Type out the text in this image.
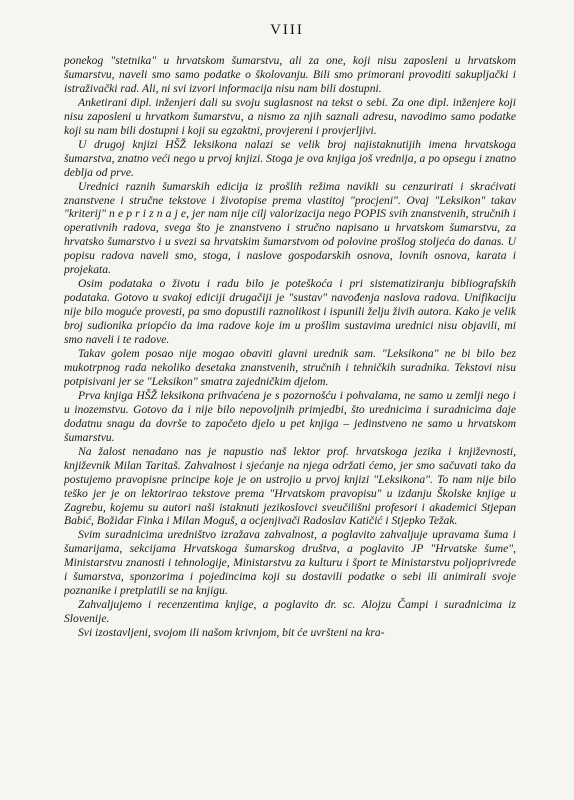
VIII

ponekog "stetnika" u hrvatskom šumarstvu, ali za one, koji nisu zaposleni u hrvatskom šumarstvu, naveli smo samo podatke o školovanju. Bili smo primorani provoditi sakupljački i istraživački rad. Ali, ni svi izvori informacija nisu nam bili dostupni.

Anketirani dipl. inženjeri dali su svoju suglasnost na tekst o sebi. Za one dipl. inženjere koji nisu zaposleni u hrvatkom šumarstvu, a nismo za njih saznali adresu, navodimo samo podatke koji su nam bili dostupni i koji su egzaktni, provjereni i provjerljivi.

U drugoj knjizi HŠŽ leksikona nalazi se velik broj najistaknutijih imena hrvatskoga šumarstva, znatno veći nego u prvoj knjizi. Stoga je ova knjiga još vrednija, a po opsegu i znatno deblja od prve.

Urednici raznih šumarskih edicija iz prošlih režima navikli su cenzurirati i skraćivati znanstvene i stručne tekstove i životopise prema vlastitoj "procjeni". Ovaj "Leksikon" takav "kriterij" n e p r i z n a j e, jer nam nije cilj valorizacija nego POPIS svih znanstvenih, stručnih i operativnih radova, svega što je znanstveno i stručno napisano u hrvatskom šumarstvu, za hrvatsko šumarstvo i u svezi sa hrvatskim šumarstvom od polovine prošlog stoljeća do danas. U popisu radova naveli smo, stoga, i naslove gospodarskih osnova, lovnih osnova, karata i projekata.

Osim podataka o životu i radu bilo je poteškoća i pri sistematiziranju bibliografskih podataka. Gotovo u svakoj ediciji drugačiji je "sustav" navođenja naslova radova. Unifikaciju nije bilo moguće provesti, pa smo dopustili raznolikost i ispunili želju živih autora. Kako je velik broj sudionika priopćio da ima radove koje im u prošlim sustavima urednici nisu objavili, mi smo naveli i te radove.

Takav golem posao nije mogao obaviti glavni urednik sam. "Leksikona" ne bi bilo bez mukotrpnog rada nekoliko desetaka znanstvenih, stručnih i tehničkih suradnika. Tekstovi nisu potpisivani jer se "Leksikon" smatra zajedničkim djelom.

Prva knjiga HŠŽ leksikona prihvaćena je s pozornošću i pohvalama, ne samo u zemlji nego i u inozemstvu. Gotovo da i nije bilo nepovoljnih primjedbi, što urednicima i suradnicima daje dodatnu snagu da dovrše to započeto djelo u pet knjiga – jedinstveno ne samo u hrvatskom šumarstvu.

Na žalost nenadano nas je napustio naš lektor prof. hrvatskoga jezika i književnosti, književnik Milan Taritaš. Zahvalnost i sjećanje na njega održati ćemo, jer smo sačuvati tako da postujemo pravopisne principe koje je on ustrojio u prvoj knjizi "Leksikona". To nam nije bilo teško jer je on lektorirao tekstove prema "Hrvatskom pravopisu" u izdanju Školske knjige u Zagrebu, kojemu su autori naši istaknuti jezikoslovci sveučilišni profesori i akademici Stjepan Babić, Božidar Finka i Milan Moguš, a ocjenjivači Radoslav Katičić i Stjepko Težak.

Svim suradnicima uredništvo izražava zahvalnost, a poglavito zahvaljuje upravama šuma i šumarijama, sekcijama Hrvatskoga šumarskog društva, a poglavito JP "Hrvatske šume", Ministarstvu znanosti i tehnologije, Ministarstvu za kulturu i šport te Ministarstvu poljoprivrede i šumarstva, sponzorima i pojedincima koji su dostavili podatke o sebi ili animirali svoje poznanike i pretplatili se na knjigu.

Zahvaljujemo i recenzentima knjige, a poglavito dr. sc. Alojzu Čampi i suradnicima iz Slovenije.

Svi izostavljeni, svojom ili našom krivnjom, bit će uvršteni na kra-
